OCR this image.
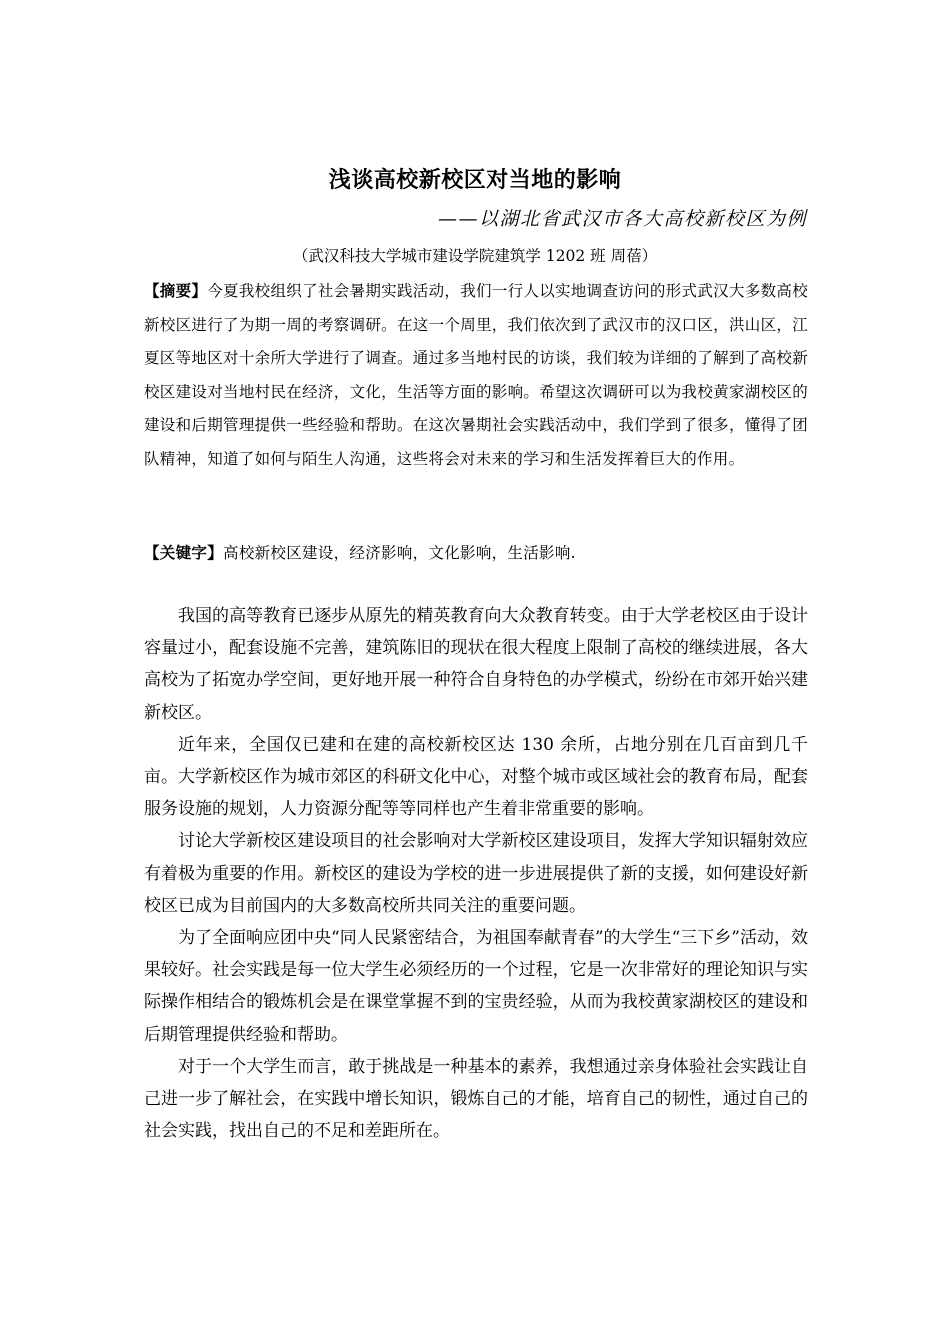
浅谈高校新校区对当地的影响
——以湖北省武汉市各大高校新校区为例
（武汉科技大学城市建设学院建筑学 1202 班 周蓓）
【摘要】今夏我校组织了社会暑期实践活动，我们一行人以实地调查访问的形式武汉大多数高校新校区进行了为期一周的考察调研。在这一个周里，我们依次到了武汉市的汉口区，洪山区，江夏区等地区对十余所大学进行了调查。通过多当地村民的访谈，我们较为详细的了解到了高校新校区建设对当地村民在经济，文化，生活等方面的影响。希望这次调研可以为我校黄家湖校区的建设和后期管理提供一些经验和帮助。在这次暑期社会实践活动中，我们学到了很多，懂得了团队精神，知道了如何与陌生人沟通，这些将会对未来的学习和生活发挥着巨大的作用。
【关键字】高校新校区建设，经济影响，文化影响，生活影响.

我国的高等教育已逐步从原先的精英教育向大众教育转变。由于大学老校区由于设计容量过小，配套设施不完善，建筑陈旧的现状在很大程度上限制了高校的继续进展，各大高校为了拓宽办学空间，更好地开展一种符合自身特色的办学模式，纷纷在市郊开始兴建新校区。

近年来，全国仅已建和在建的高校新校区达 130 余所，占地分别在几百亩到几千亩。大学新校区作为城市郊区的科研文化中心，对整个城市或区域社会的教育布局，配套服务设施的规划，人力资源分配等等同样也产生着非常重要的影响。

讨论大学新校区建设项目的社会影响对大学新校区建设项目，发挥大学知识辐射效应有着极为重要的作用。新校区的建设为学校的进一步进展提供了新的支援，如何建设好新校区已成为目前国内的大多数高校所共同关注的重要问题。

为了全面响应团中央“同人民紧密结合，为祖国奉献青春”的大学生“三下乡”活动，效果较好。社会实践是每一位大学生必须经历的一个过程，它是一次非常好的理论知识与实际操作相结合的锻炼机会是在课堂掌握不到的宝贵经验，从而为我校黄家湖校区的建设和后期管理提供经验和帮助。

对于一个大学生而言，敢于挑战是一种基本的素养，我想通过亲身体验社会实践让自己进一步了解社会，在实践中增长知识，锻炼自己的才能，培育自己的韧性，通过自己的社会实践，找出自己的不足和差距所在。
